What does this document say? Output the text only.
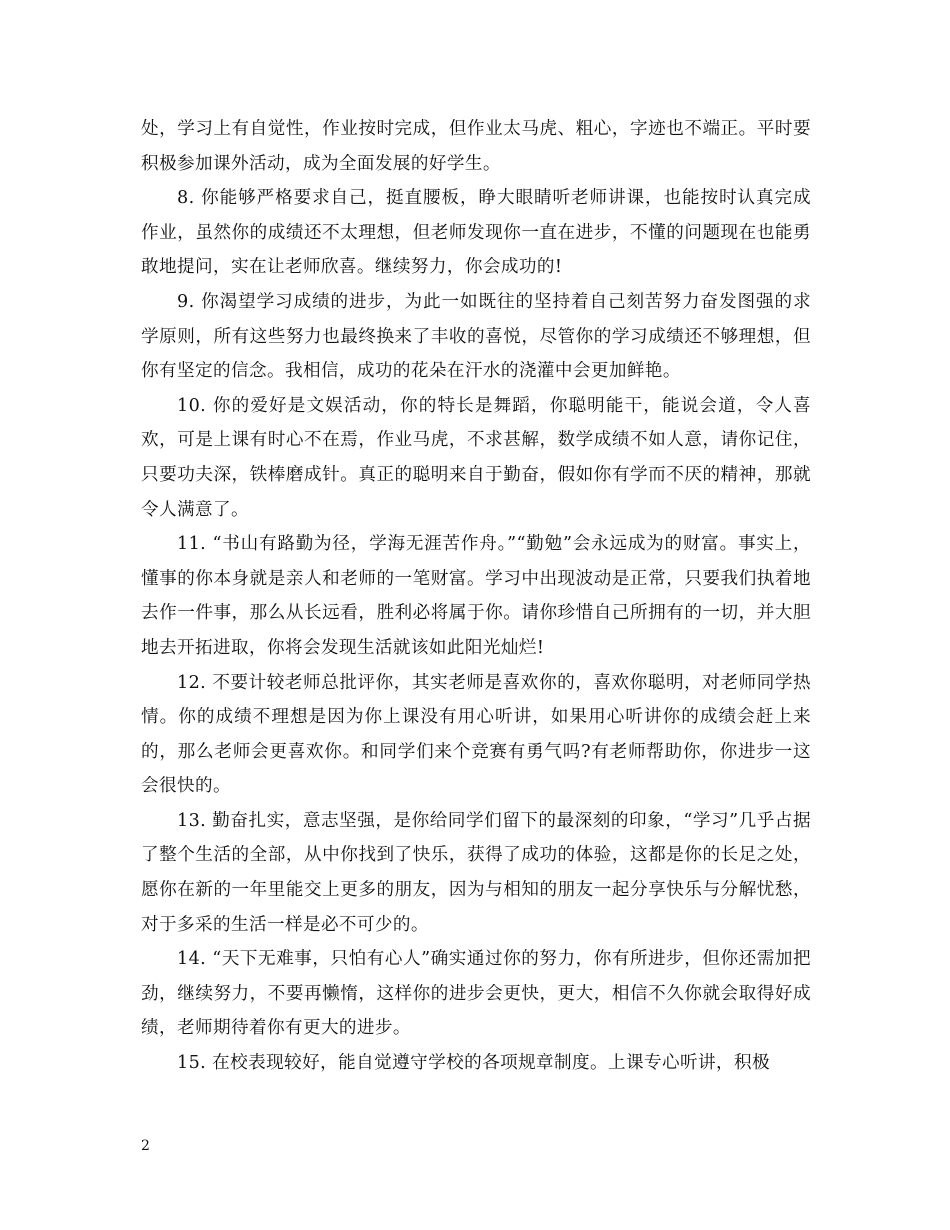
处，学习上有自觉性，作业按时完成，但作业太马虎、粗心，字迹也不端正。平时要积极参加课外活动，成为全面发展的好学生。

8. 你能够严格要求自己，挺直腰板，睁大眼睛听老师讲课，也能按时认真完成作业，虽然你的成绩还不太理想，但老师发现你一直在进步，不懂的问题现在也能勇敢地提问，实在让老师欣喜。继续努力，你会成功的!

9. 你渴望学习成绩的进步，为此一如既往的坚持着自己刻苦努力奋发图强的求学原则，所有这些努力也最终换来了丰收的喜悦，尽管你的学习成绩还不够理想，但你有坚定的信念。我相信，成功的花朵在汗水的浇灌中会更加鲜艳。

10. 你的爱好是文娱活动，你的特长是舞蹈，你聪明能干，能说会道，令人喜欢，可是上课有时心不在焉，作业马虎，不求甚解，数学成绩不如人意，请你记住，只要功夫深，铁棒磨成针。真正的聪明来自于勤奋，假如你有学而不厌的精神，那就令人满意了。

11. “书山有路勤为径，学海无涯苦作舟。”“勤勉”会永远成为的财富。事实上，懂事的你本身就是亲人和老师的一笔财富。学习中出现波动是正常，只要我们执着地去作一件事，那么从长远看，胜利必将属于你。请你珍惜自己所拥有的一切，并大胆地去开拓进取，你将会发现生活就该如此阳光灿烂!

12. 不要计较老师总批评你，其实老师是喜欢你的，喜欢你聪明，对老师同学热情。你的成绩不理想是因为你上课没有用心听讲，如果用心听讲你的成绩会赶上来的，那么老师会更喜欢你。和同学们来个竞赛有勇气吗?有老师帮助你，你进步一这会很快的。

13. 勤奋扎实，意志坚强，是你给同学们留下的最深刻的印象，“学习”几乎占据了整个生活的全部，从中你找到了快乐，获得了成功的体验，这都是你的长足之处，愿你在新的一年里能交上更多的朋友，因为与相知的朋友一起分享快乐与分解忧愁，对于多采的生活一样是必不可少的。

14. “天下无难事，只怕有心人”确实通过你的努力，你有所进步，但你还需加把劲，继续努力，不要再懒惰，这样你的进步会更快，更大，相信不久你就会取得好成绩，老师期待着你有更大的进步。

15. 在校表现较好，能自觉遵守学校的各项规章制度。上课专心听讲，积极

2
